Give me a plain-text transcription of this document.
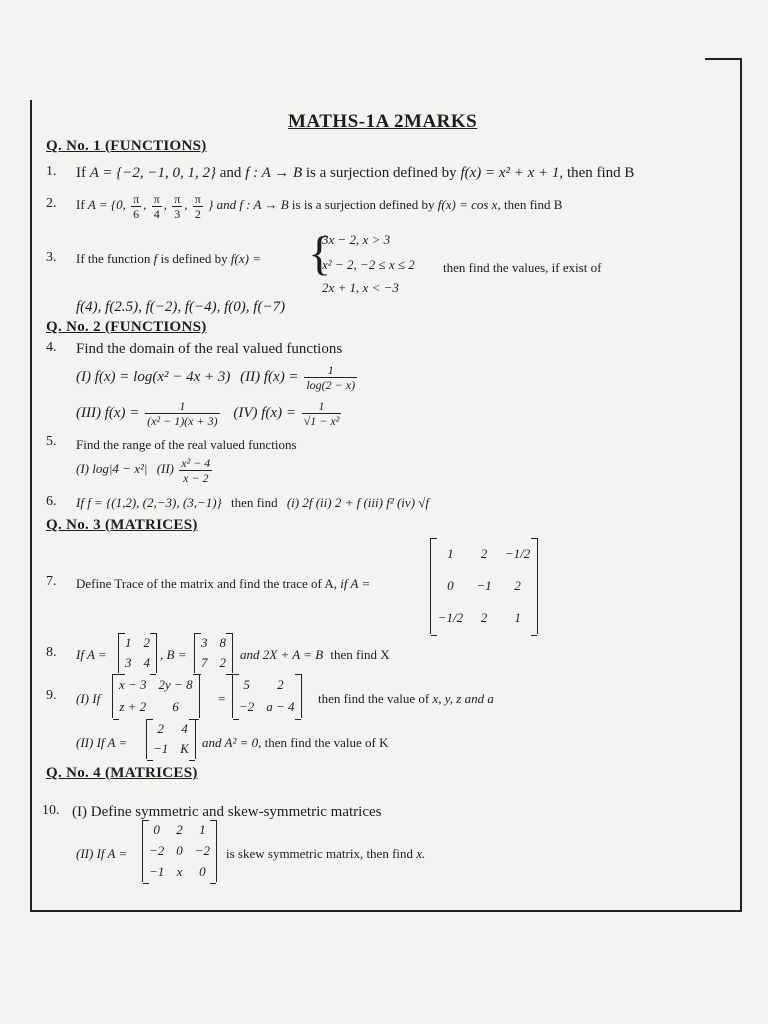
MATHS-1A 2MARKS
Q. No. 1 (FUNCTIONS)
1. If A = {−2, −1, 0, 1, 2} and f : A → B is a surjection defined by f(x) = x² + x + 1, then find B
2. If A = {0, $\frac{\pi}{6}$ , $\frac{\pi}{4}$ , $\frac{\pi}{3}$ , $\frac{\pi}{2}$ } and f : A → B is is a surjection defined by f(x) = cos x, then find B
3. If the function f is defined by f(x) = {
3x − 2, x > 3
x² − 2, −2 ≤ x ≤ 2
2x + 1, x < −3
then find the values, if exist of
f(4), f(2.5), f(−2), f(−4), f(0), f(−7)
Q. No. 2 (FUNCTIONS)
4. Find the domain of the real valued functions
(I) f(x) = log(x² − 4x + 3) (II) $f(x) = \frac{1}{\log(2 - x)}$
(III) $f(x) = \frac{1}{\text{(x² − 1)(x + 3)}} (IV) f(x) = \frac{1}{\text{√1 − x²}}$
5. Find the range of the real valued functions
(I) log|4 − x²| $(II) \frac{\text{x² − 4}}{x - 2}$
6. If f = {(1,2), (2,−3), (3,−1)} then find (i) 2f (ii) 2 + f (iii) f² (iv) √f
Q. No. 3 (MATRICES)
7. Define Trace of the matrix and find the trace of A, if A =
1	2	−1/2
0	−1	2
−1/2	2	1
8. If A =
1	2
3	4
, B =
3	8
7	2
and 2X + A = B then find X
9. (I) If
x − 3	2y − 8
z + 2	6
=
5	2
−2	a − 4
then find the value of x, y, z and a
(II) If A =
2	4
−1	K and A² = 0, then find the value of K
Q. No. 4 (MATRICES)
10. (I) Define symmetric and skew-symmetric matrices
(II) If A =
0	2	1
−2	0	−2
−1	x	0
is skew symmetric matrix, then find x.
